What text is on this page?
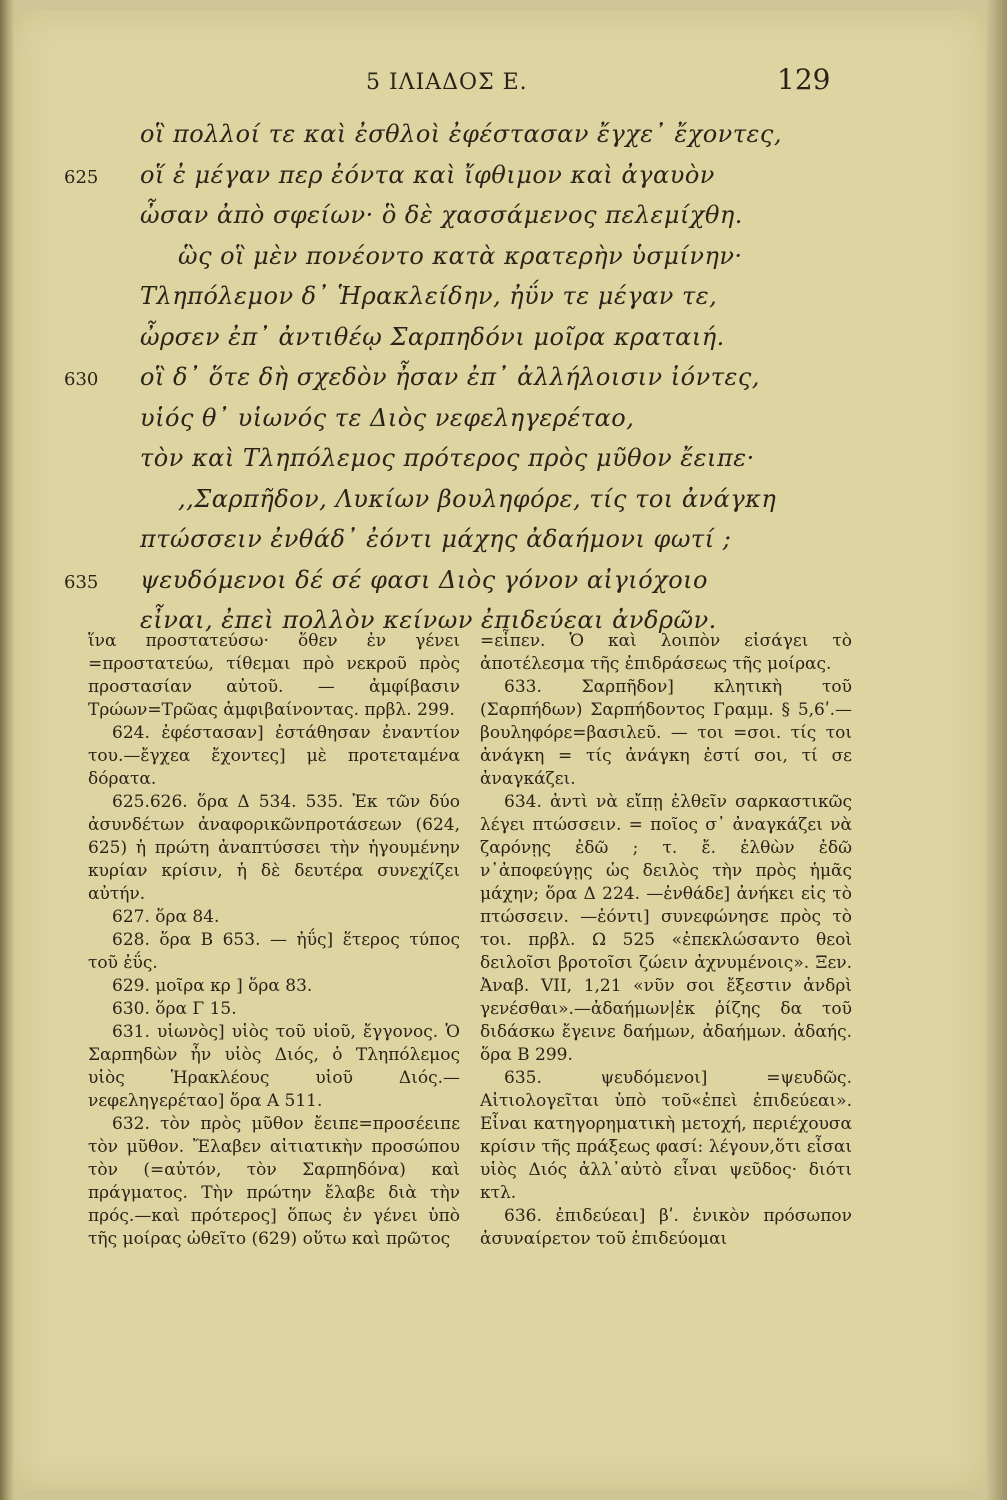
5 ΙΛΙΑΔΟΣ Ε.	129
οἳ πολλοί τε καὶ ἐσθλοὶ ἐφέστασαν ἔγχε᾽ ἔχοντες,
οἵ ἐ μέγαν περ ἐόντα καὶ ἴφθιμον καὶ ἀγαυὸν
625
ὦσαν ἀπὸ σφείων· ὃ δὲ χασσάμενος πελεμίχθη.
ὣς οἳ μὲν πονέοντο κατὰ κρατερὴν ὑσμίνην·
Τληπόλεμον δ᾽ Ἡρακλείδην, ἠΰν τε μέγαν τε,
ὦρσεν ἐπ᾽ ἀντιθέῳ Σαρπηδόνι μοῖρα κραταιή.
οἳ δ᾽ ὅτε δὴ σχεδὸν ἦσαν ἐπ᾽ ἀλλήλοισιν ἰόντες,
630
υἱός θ᾽ υἱωνός τε Διὸς νεφεληγερέταο,
τὸν καὶ Τληπόλεμος πρότερος πρὸς μῦθον ἔειπε·
,,Σαρπῆδον, Λυκίων βουληφόρε, τίς τοι ἀνάγκη
πτώσσειν ἐνθάδ᾽ ἐόντι μάχης ἀδαήμονι φωτί ;
ψευδόμενοι δέ σέ φασι Διὸς γόνον αἰγιόχοιο
635
εἶναι, ἐπεὶ πολλὸν κείνων ἐπιδεύεαι ἀνδρῶν.

ἵνα προστατεύσω· ὅθεν ἐν γένει =προστατεύω, τίθεμαι πρὸ νεκροῦ πρὸς προστασίαν αὐτοῦ. — ἀμφίβασιν Τρώων=Τρῶας ἀμφιβαίνοντας. πρβλ. 299.

624. ἐφέστασαν] ἐστάθησαν ἐναντίον του.—ἔγχεα ἔχοντες] μὲ προτεταμένα δόρατα.

625.626. ὅρα Δ 534. 535. Ἐκ τῶν δύο ἀσυνδέτων ἀναφορικῶνπροτάσεων (624, 625) ἡ πρώτη ἀναπτύσσει τὴν ἡγουμένην κυρίαν κρίσιν, ἡ δὲ δευτέρα συνεχίζει αὐτήν.

627. ὅρα 84.

628. ὅρα Β 653. — ἠΰς] ἕτερος τύπος τοῦ ἐΰς.

629. μοῖρα κρ ] ὅρα 83.

630. ὅρα Γ 15.

631. υἱωνὸς] υἱὸς τοῦ υἱοῦ, ἔγγονος. Ὁ Σαρπηδὼν ἦν υἱὸς Διός, ὁ Τληπόλεμος υἱὸς Ἡρακλέους υἱοῦ Διός.— νεφεληγερέταο] ὅρα Α 511.

632. τὸν πρὸς μῦθον ἔειπε=προσέειπε τὸν μῦθον. Ἔλαβεν αἰτιατικὴν προσώπου τὸν (=αὐτόν, τὸν Σαρπηδόνα) καὶ πράγματος. Τὴν πρώτην ἔλαβε διὰ τὴν πρός.—καὶ πρότερος] ὅπως ἐν γένει ὑπὸ τῆς μοίρας ὠθεῖτο (629) οὕτω καὶ πρῶτος

=εἶπεν. Ὁ καὶ λοιπὸν εἰσάγει τὸ ἀποτέλεσμα τῆς ἐπιδράσεως τῆς μοίρας.

633. Σαρπῆδον] κλητικὴ τοῦ (Σαρπήδων) Σαρπήδοντος Γραμμ. § 5,6ʹ.— βουληφόρε=βασιλεῦ. — τοι =σοι. τίς τοι ἀνάγκη = τίς ἀνάγκη ἐστί σοι, τί σε ἀναγκάζει.

634. ἀντὶ νὰ εἴπῃ ἐλθεῖν σαρκαστικῶς λέγει πτώσσειν. = ποῖος σ᾽ ἀναγκάζει νὰ ζαρόνῃς ἐδῶ ; τ. ἔ. ἐλθὼν ἐδῶ ν᾽ἀποφεύγῃς ὡς δειλὸς τὴν πρὸς ἡμᾶς μάχην; ὅρα Δ 224. —ἐνθάδε] ἀνήκει εἰς τὸ πτώσσειν. —ἐόντι] συνεφώνησε πρὸς τὸ τοι. πρβλ. Ω 525 «ἐπεκλώσαντο θεοὶ δειλοῖσι βροτοῖσι ζώειν ἀχνυμένοις». Ξεν. Ἀναβ. VII, 1,21 «νῦν σοι ἔξεστιν ἀνδρὶ γενέσθαι».—ἀδαήμων|ἐκ ῥίζης δα τοῦ διδάσκω ἔγεινε δαήμων, ἀδαήμων. ἀδαής. ὅρα Β 299.

635. ψευδόμενοι] =ψευδῶς. Αἰτιολογεῖται ὑπὸ τοῦ«ἐπεὶ ἐπιδεύεαι». Εἶναι κατηγορηματικὴ μετοχή, περιέχουσα κρίσιν τῆς πράξεως φασί: λέγουν,ὅτι εἶσαι υἱὸς Διός ἀλλ᾽αὐτὸ εἶναι ψεῦδος· διότι κτλ.

636. ἐπιδεύεαι] βʹ. ἑνικὸν πρόσωπον ἀσυναίρετον τοῦ ἐπιδεύομαι
